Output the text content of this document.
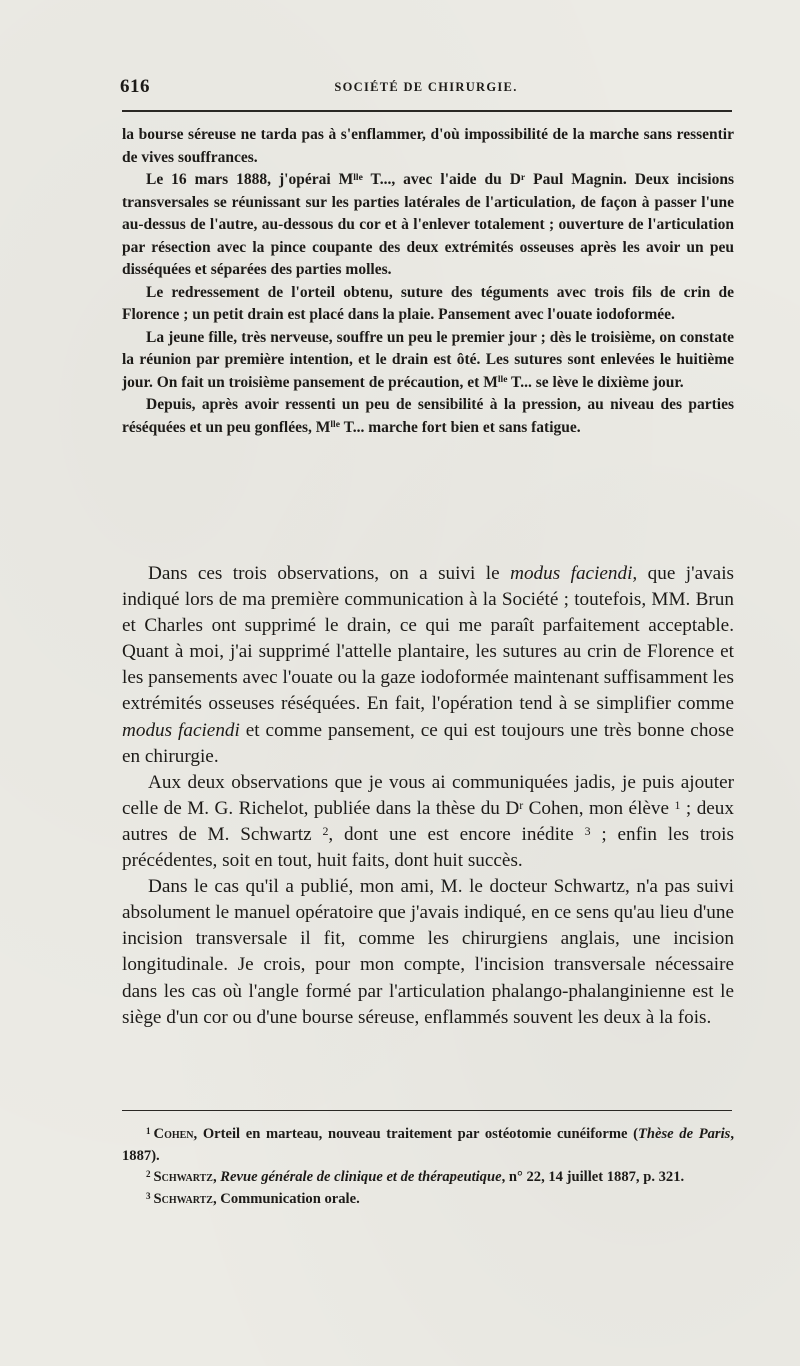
616	SOCIÉTÉ DE CHIRURGIE.

la bourse séreuse ne tarda pas à s'enflammer, d'où impossibilité de la marche sans ressentir de vives souffrances.

Le 16 mars 1888, j'opérai $M^{lle}$ T..., avec l'aide du $D^r$ Paul Magnin. Deux incisions transversales se réunissant sur les parties latérales de l'articulation, de façon à passer l'une au-dessus de l'autre, au-dessous du cor et à l'enlever totalement ; ouverture de l'articulation par résection avec la pince coupante des deux extrémités osseuses après les avoir un peu disséquées et séparées des parties molles.

Le redressement de l'orteil obtenu, suture des téguments avec trois fils de crin de Florence ; un petit drain est placé dans la plaie. Pansement avec l'ouate iodoformée.

La jeune fille, très nerveuse, souffre un peu le premier jour ; dès le troisième, on constate la réunion par première intention, et le drain est ôté. Les sutures sont enlevées le huitième jour. On fait un troisième pansement de précaution, et $M^{lle}$ T... se lève le dixième jour.

Depuis, après avoir ressenti un peu de sensibilité à la pression, au niveau des parties réséquées et un peu gonflées, $M^{lle}$ T... marche fort bien et sans fatigue.

Dans ces trois observations, on a suivi le modus faciendi, que j'avais indiqué lors de ma première communication à la Société ; toutefois, MM. Brun et Charles ont supprimé le drain, ce qui me paraît parfaitement acceptable. Quant à moi, j'ai supprimé l'attelle plantaire, les sutures au crin de Florence et les pansements avec l'ouate ou la gaze iodoformée maintenant suffisamment les extrémités osseuses réséquées. En fait, l'opération tend à se simplifier comme modus faciendi et comme pansement, ce qui est toujours une très bonne chose en chirurgie.

Aux deux observations que je vous ai communiquées jadis, je puis ajouter celle de M. G. Richelot, publiée dans la thèse du $D^r$ Cohen, mon élève $^1$ ; deux autres de M. Schwartz $^2$, dont une est encore inédite $^3$ ; enfin les trois précédentes, soit en tout, huit faits, dont huit succès.

Dans le cas qu'il a publié, mon ami, M. le docteur Schwartz, n'a pas suivi absolument le manuel opératoire que j'avais indiqué, en ce sens qu'au lieu d'une incision transversale il fit, comme les chirurgiens anglais, une incision longitudinale. Je crois, pour mon compte, l'incision transversale nécessaire dans les cas où l'angle formé par l'articulation phalango-phalanginienne est le siège d'un cor ou d'une bourse séreuse, enflammés souvent les deux à la fois.

$^1$ Cohen, Orteil en marteau, nouveau traitement par ostéotomie cunéiforme (Thèse de Paris, 1887).

$^2$ Schwartz, Revue générale de clinique et de thérapeutique, n° 22, 14 juillet 1887, p. 321.

$^3$ Schwartz, Communication orale.
